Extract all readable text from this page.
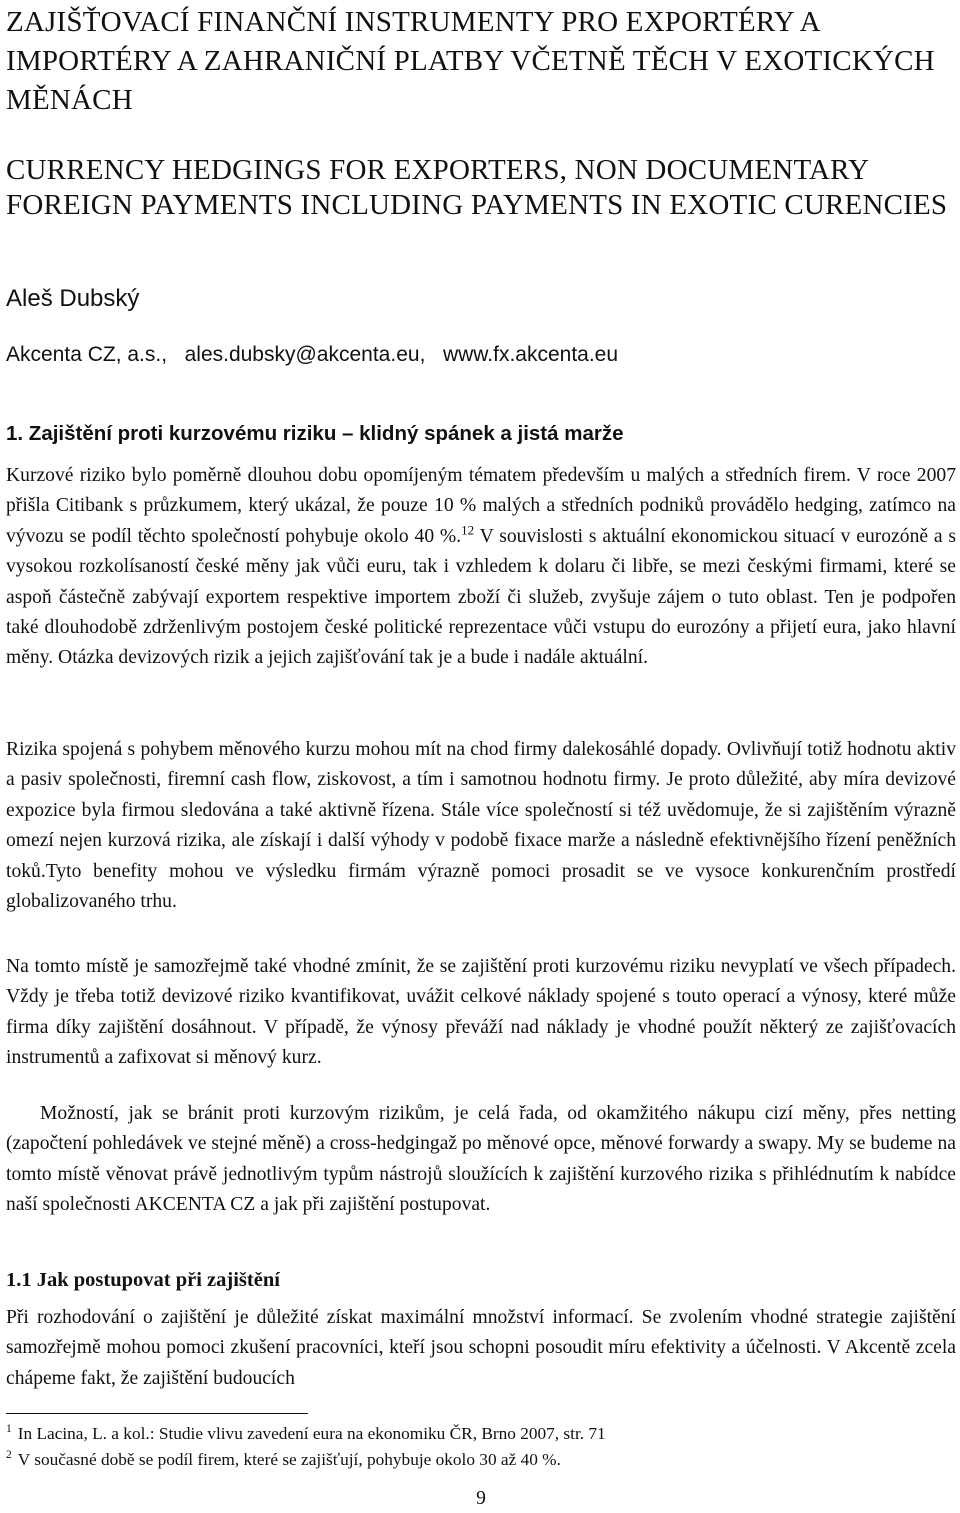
ZAJIŠŤOVACÍ FINANČNÍ INSTRUMENTY PRO EXPORTÉRY A IMPORTÉRY A ZAHRANIČNÍ PLATBY VČETNĚ TĚCH V EXOTICKÝCH MĚNÁCH
CURRENCY HEDGINGS FOR EXPORTERS, NON DOCUMENTARY FOREIGN PAYMENTS INCLUDING PAYMENTS IN EXOTIC CURENCIES
Aleš Dubský
Akcenta CZ, a.s., ales.dubsky@akcenta.eu, www.fx.akcenta.eu
1. Zajištění proti kurzovému riziku – klidný spánek a jistá marže

Kurzové riziko bylo poměrně dlouhou dobu opomíjeným tématem především u malých a středních firem. V roce 2007 přišla Citibank s průzkumem, který ukázal, že pouze 10 % malých a středních podniků provádělo hedging, zatímco na vývozu se podíl těchto společností pohybuje okolo 40 %.$^{12}$ V souvislosti s aktuální ekonomickou situací v eurozóně a s vysokou rozkolísaností české měny jak vůči euru, tak i vzhledem k dolaru či libře, se mezi českými firmami, které se aspoň částečně zabývají exportem respektive importem zboží či služeb, zvyšuje zájem o tuto oblast. Ten je podpořen také dlouhodobě zdrženlivým postojem české politické reprezentace vůči vstupu do eurozóny a přijetí eura, jako hlavní měny. Otázka devizových rizik a jejich zajišťování tak je a bude i nadále aktuální.

Rizika spojená s pohybem měnového kurzu mohou mít na chod firmy dalekosáhlé dopady. Ovlivňují totiž hodnotu aktiv a pasiv společnosti, firemní cash flow, ziskovost, a tím i samotnou hodnotu firmy. Je proto důležité, aby míra devizové expozice byla firmou sledována a také aktivně řízena. Stále více společností si též uvědomuje, že si zajištěním výrazně omezí nejen kurzová rizika, ale získají i další výhody v podobě fixace marže a následně efektivnějšího řízení peněžních toků.Tyto benefity mohou ve výsledku firmám výrazně pomoci prosadit se ve vysoce konkurenčním prostředí globalizovaného trhu.

Na tomto místě je samozřejmě také vhodné zmínit, že se zajištění proti kurzovému riziku nevyplatí ve všech případech. Vždy je třeba totiž devizové riziko kvantifikovat, uvážit celkové náklady spojené s touto operací a výnosy, které může firma díky zajištění dosáhnout. V případě, že výnosy převáží nad náklady je vhodné použít některý ze zajišťovacích instrumentů a zafixovat si měnový kurz.

Možností, jak se bránit proti kurzovým rizikům, je celá řada, od okamžitého nákupu cizí měny, přes netting (započtení pohledávek ve stejné měně) a cross-hedgingaž po měnové opce, měnové forwardy a swapy. My se budeme na tomto místě věnovat právě jednotlivým typům nástrojů sloužících k zajištění kurzového rizika s přihlédnutím k nabídce naší společnosti AKCENTA CZ a jak při zajištění postupovat.

1.1 Jak postupovat při zajištění

Při rozhodování o zajištění je důležité získat maximální množství informací. Se zvolením vhodné strategie zajištění samozřejmě mohou pomoci zkušení pracovníci, kteří jsou schopni posoudit míru efektivity a účelnosti. V Akcentě zcela chápeme fakt, že zajištění budoucích

$^1$ In Lacina, L. a kol.: Studie vlivu zavedení eura na ekonomiku ČR, Brno 2007, str. 71
$^2$ V současné době se podíl firem, které se zajišťují, pohybuje okolo 30 až 40 %.
9
